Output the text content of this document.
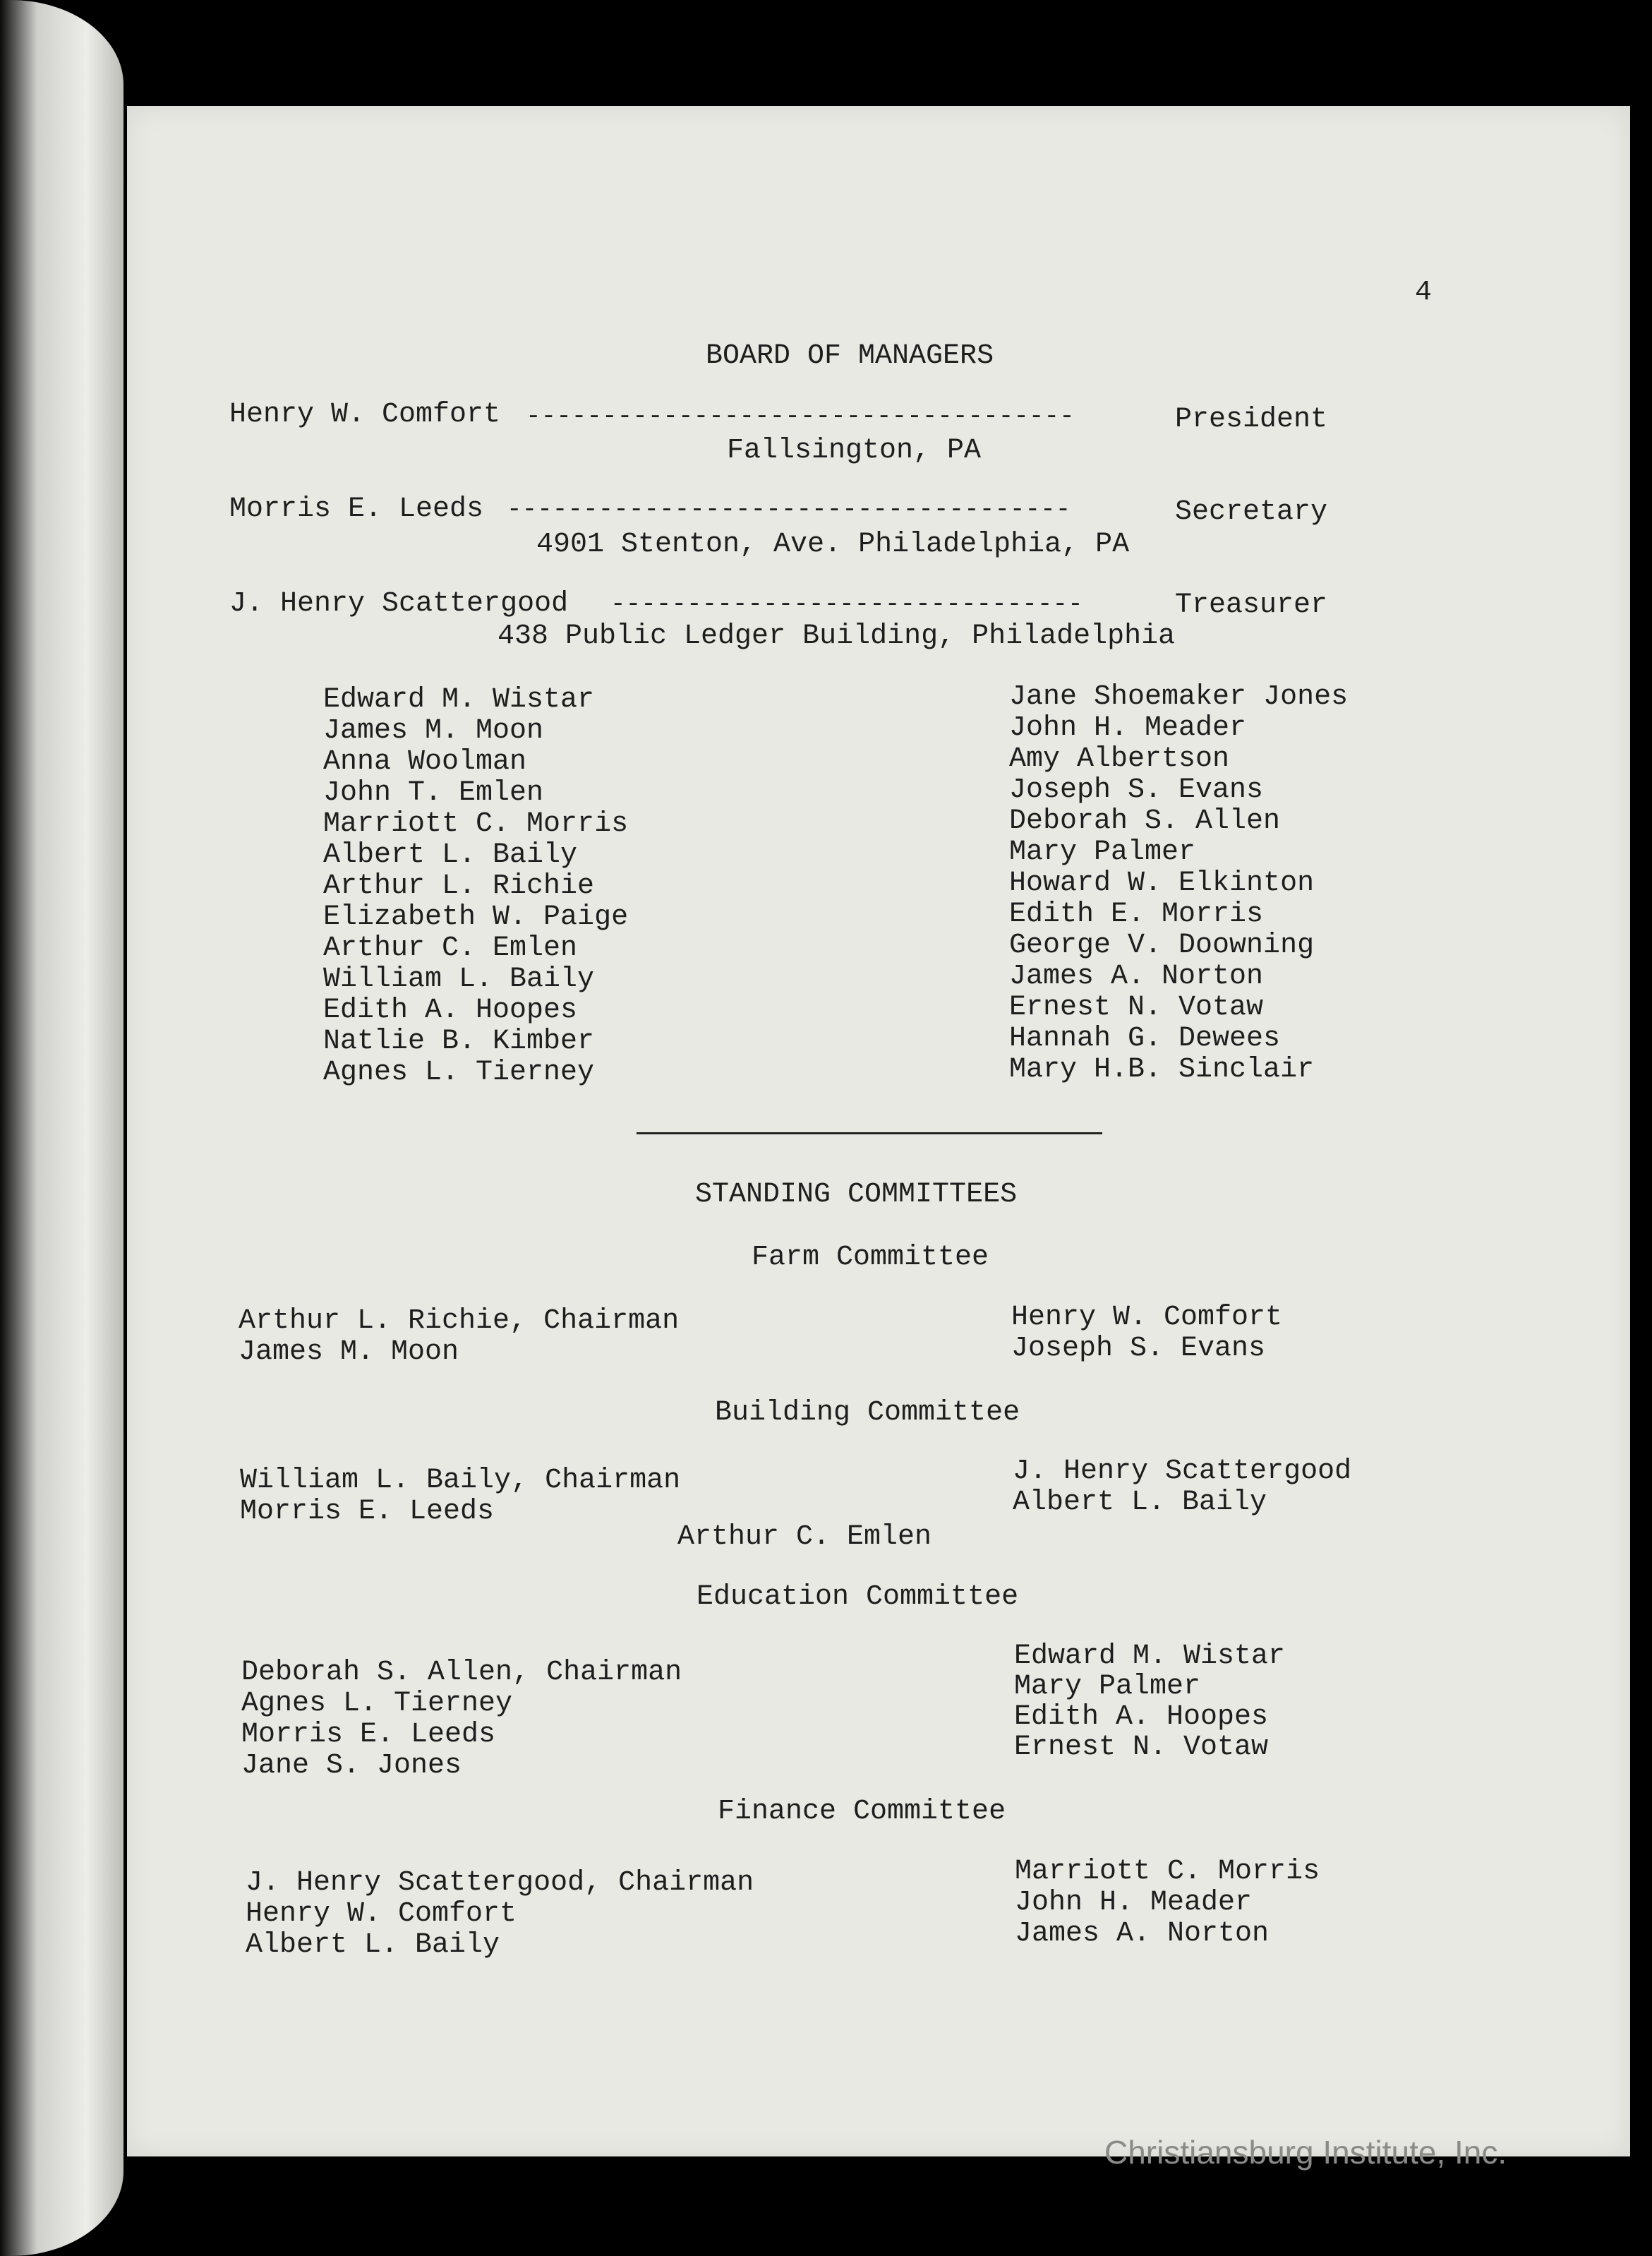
4
BOARD OF MANAGERS
Henry W. Comfort ------------------------------------	President
Fallsington, PA
Morris E. Leeds -------------------------------------	Secretary
4901 Stenton, Ave. Philadelphia, PA
J. Henry Scattergood -------------------------------	Treasurer
438 Public Ledger Building, Philadelphia
Edward M. Wistar
James M. Moon
Anna Woolman
John T. Emlen
Marriott C. Morris
Albert L. Baily
Arthur L. Richie
Elizabeth W. Paige
Arthur C. Emlen
William L. Baily
Edith A. Hoopes
Natlie B. Kimber
Agnes L. Tierney
Jane Shoemaker Jones
John H. Meader
Amy Albertson
Joseph S. Evans
Deborah S. Allen
Mary Palmer
Howard W. Elkinton
Edith E. Morris
George V. Doowning
James A. Norton
Ernest N. Votaw
Hannah G. Dewees
Mary H.B. Sinclair
STANDING COMMITTEES
Farm Committee
Arthur L. Richie, Chairman
James M. Moon
Henry W. Comfort
Joseph S. Evans
Building Committee
William L. Baily, Chairman
Morris E. Leeds
J. Henry Scattergood
Albert L. Baily
Arthur C. Emlen
Education Committee
Deborah S. Allen, Chairman
Agnes L. Tierney
Morris E. Leeds
Jane S. Jones
Edward M. Wistar
Mary Palmer
Edith A. Hoopes
Ernest N. Votaw
Finance Committee
J. Henry Scattergood, Chairman
Henry W. Comfort
Albert L. Baily
Marriott C. Morris
John H. Meader
James A. Norton
Christiansburg Institute, Inc.
